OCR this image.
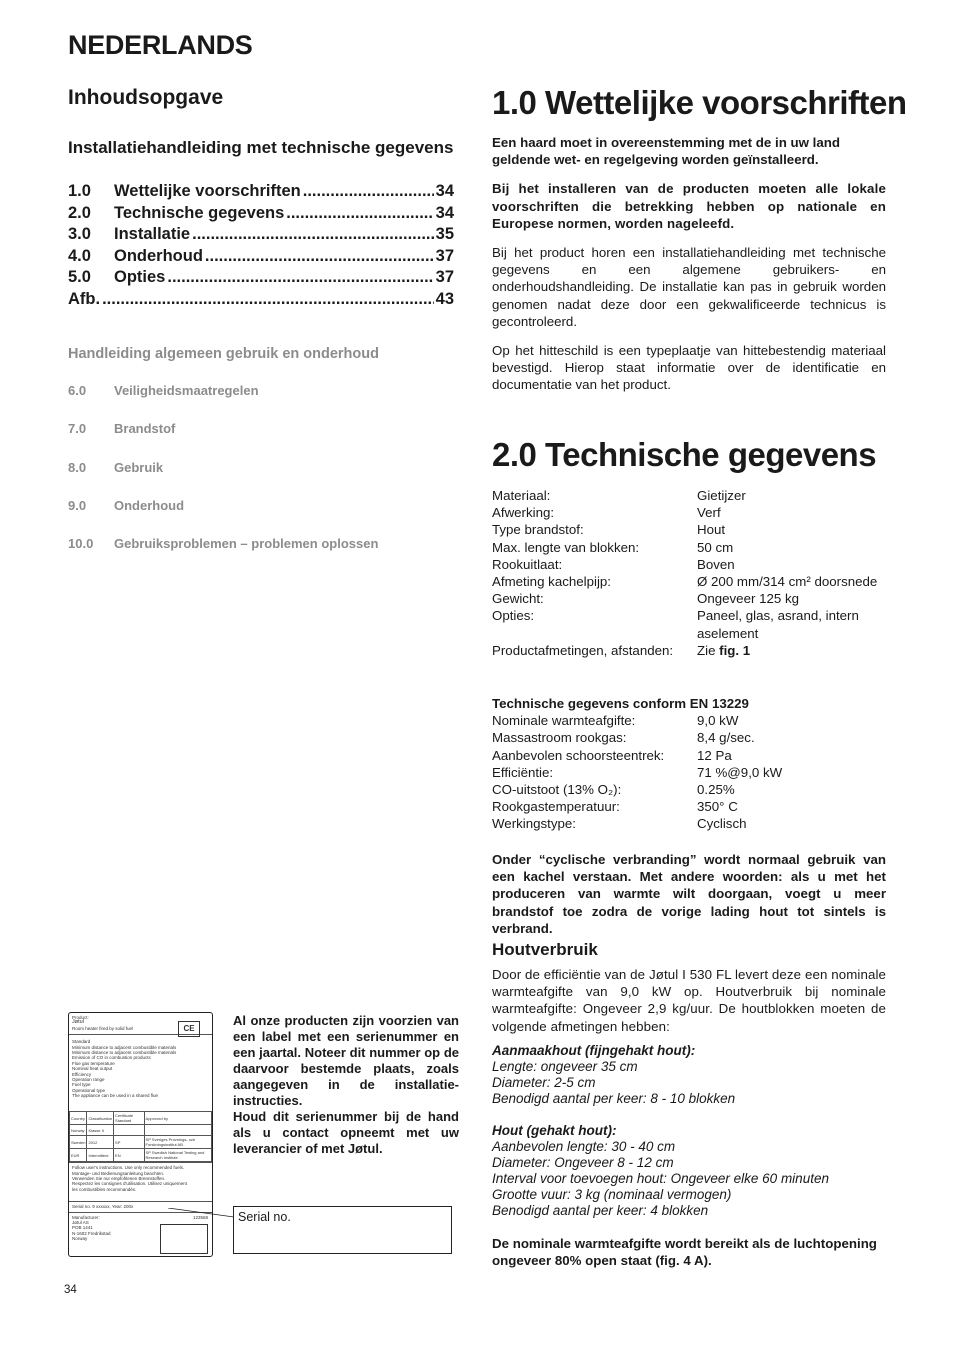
NEDERLANDS
Inhoudsopgave
Installatiehandleiding met technische gegevens
1.0	Wettelijke voorschriften .....	34
2.0	Technische gegevens .....	34
3.0	Installatie .....	35
4.0	Onderhoud .....	37
5.0	Opties .....	37
Afb. .....	43
Handleiding algemeen gebruik en onderhoud
6.0	Veiligheidsmaatregelen
7.0	Brandstof
8.0	Gebruik
9.0	Onderhoud
10.0	Gebruiksproblemen – problemen oplossen
1.0 Wettelijke voorschriften

Een haard moet in overeenstemming met de in uw land geldende wet- en regelgeving worden geïnstalleerd.

Bij het installeren van de producten moeten alle lokale voorschriften die betrekking hebben op nationale en Europese normen, worden nageleefd.

Bij het product horen een installatiehandleiding met technische gegevens en een algemene gebruikers- en onderhoudshandleiding. De installatie kan pas in gebruik worden genomen nadat deze door een gekwalificeerde technicus is gecontroleerd.

Op het hitteschild is een typeplaatje van hittebestendig materiaal bevestigd. Hierop staat informatie over de identificatie en documentatie van het product.

2.0 Technische gegevens
Materiaal:	Gietijzer
Afwerking:	Verf
Type brandstof:	Hout
Max. lengte van blokken:	50 cm
Rookuitlaat:	Boven
Afmeting kachelpijp:	Ø 200 mm/314 cm² doorsnede
Gewicht:	Ongeveer 125 kg
Opties:	Paneel, glas, asrand, intern aselement
Productafmetingen, afstanden:	Zie fig. 1
Technische gegevens conform EN 13229
Nominale warmteafgifte:	9,0 kW
Massastroom rookgas:	8,4 g/sec.
Aanbevolen schoorsteentrek:	12 Pa
Efficiëntie:	71 %@9,0 kW
CO-uitstoot (13% O₂):	0.25%
Rookgastemperatuur:	350° C
Werkingstype:	Cyclisch
Onder “cyclische verbranding” wordt normaal gebruik van een kachel verstaan. Met andere woorden: als u met het produceren van warmte wilt doorgaan, voegt u meer brandstof toe zodra de vorige lading hout tot sintels is verbrand.
Houtverbruik
Door de efficiëntie van de Jøtul I 530 FL levert deze een nominale warmteafgifte van 9,0 kW op. Houtverbruik bij nominale warmteafgifte: Ongeveer 2,9 kg/uur. De houtblokken moeten de volgende afmetingen hebben:
Aanmaakhout (fijngehakt hout):
Lengte: ongeveer 35 cm
Diameter: 2-5 cm
Benodigd aantal per keer: 8 - 10 blokken
Hout (gehakt hout):
Aanbevolen lengte: 30 - 40 cm
Diameter: Ongeveer 8 - 12 cm
Interval voor toevoegen hout: Ongeveer elke 60 minuten
Grootte vuur: 3 kg (nominaal vermogen)
Benodigd aantal per keer: 4 blokken
De nominale warmteafgifte wordt bereikt als de luchtopening ongeveer 80% open staat (fig. 4 A).
Product:
Jøtul
Room heater fired by solid fuel	CE
Standard
Minimum distance to adjacent combustible materials
Minimum distance to adjacent combustible materials
Emission of CO in combustion products
Flue gas temperature
Nominal heat output
Efficiency
Operation range
Fuel type
Operational type
The appliance can be used in a shared flue
Country	Classification	Certificate Standard	Approved by
Norway	Klasse II		
Sweden	2012	SP	SP Sveriges Provnings- och Forskningsinstitut AB
EUR	Intermittent	EN	SP Swedish National Testing and Research Institute
Follow user's instructions. Use only recommended fuels.
Montage- und Bedienungsanleitung beachten.
Verwenden Sie nur empfohlenen Brennstoffen.
Respectez les consignes d'utilisation. Utilisez uniquement
les combustibles recommandés.
Serial no. 9 xxxxxx, Year: 200x
123568
Manufacturer:
Jøtul AS
POB 1441
N-1602 Fredrikstad
Norway
Al onze producten zijn voorzien van een label met een serienummer en een jaartal. Noteer dit nummer op de daarvoor bestemde plaats, zoals aangegeven in de installatie-instructies.
Houd dit serienummer bij de hand als u contact opneemt met uw leverancier of met Jøtul.
Serial no.
34
